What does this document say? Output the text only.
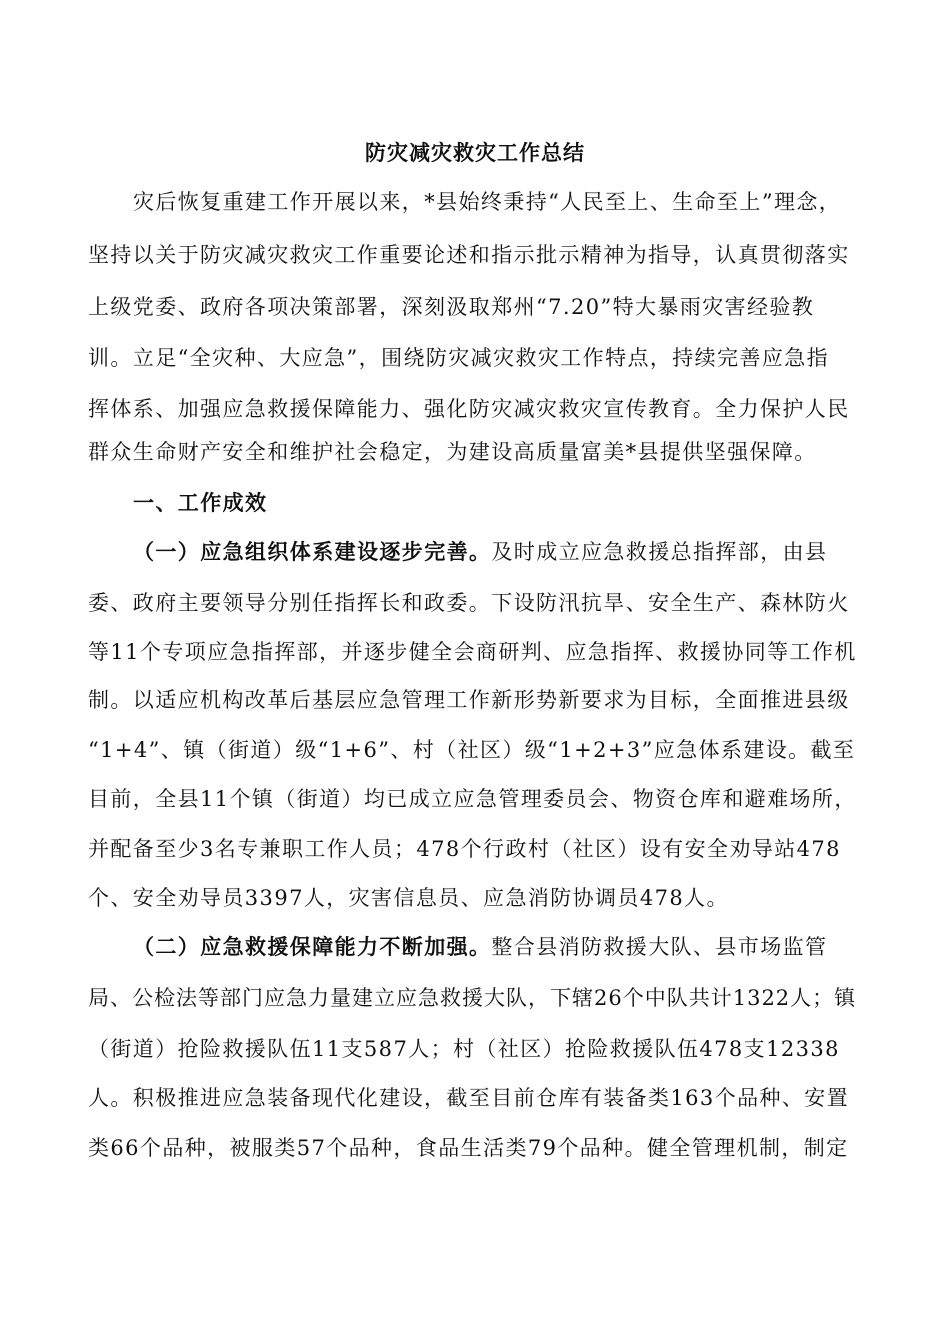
防灾减灾救灾工作总结
灾后恢复重建工作开展以来，*县始终秉持“人民至上、生命至上”理念，
坚持以关于防灾减灾救灾工作重要论述和指示批示精神为指导，认真贯彻落实
上级党委、政府各项决策部署，深刻汲取郑州“7.20”特大暴雨灾害经验教
训。立足“全灾种、大应急”，围绕防灾减灾救灾工作特点，持续完善应急指
挥体系、加强应急救援保障能力、强化防灾减灾救灾宣传教育。全力保护人民
群众生命财产安全和维护社会稳定，为建设高质量富美*县提供坚强保障。
一、工作成效
（一）应急组织体系建设逐步完善。及时成立应急救援总指挥部，由县
委、政府主要领导分别任指挥长和政委。下设防汛抗旱、安全生产、森林防火
等11个专项应急指挥部，并逐步健全会商研判、应急指挥、救援协同等工作机
制。以适应机构改革后基层应急管理工作新形势新要求为目标，全面推进县级
“1+4”、镇（街道）级“1+6”、村（社区）级“1+2+3”应急体系建设。截至
目前，全县11个镇（街道）均已成立应急管理委员会、物资仓库和避难场所，
并配备至少3名专兼职工作人员；478个行政村（社区）设有安全劝导站478
个、安全劝导员3397人，灾害信息员、应急消防协调员478人。
（二）应急救援保障能力不断加强。整合县消防救援大队、县市场监管
局、公检法等部门应急力量建立应急救援大队，下辖26个中队共计1322人；镇
（街道）抢险救援队伍11支587人；村（社区）抢险救援队伍478支12338
人。积极推进应急装备现代化建设，截至目前仓库有装备类163个品种、安置
类66个品种，被服类57个品种，食品生活类79个品种。健全管理机制，制定
